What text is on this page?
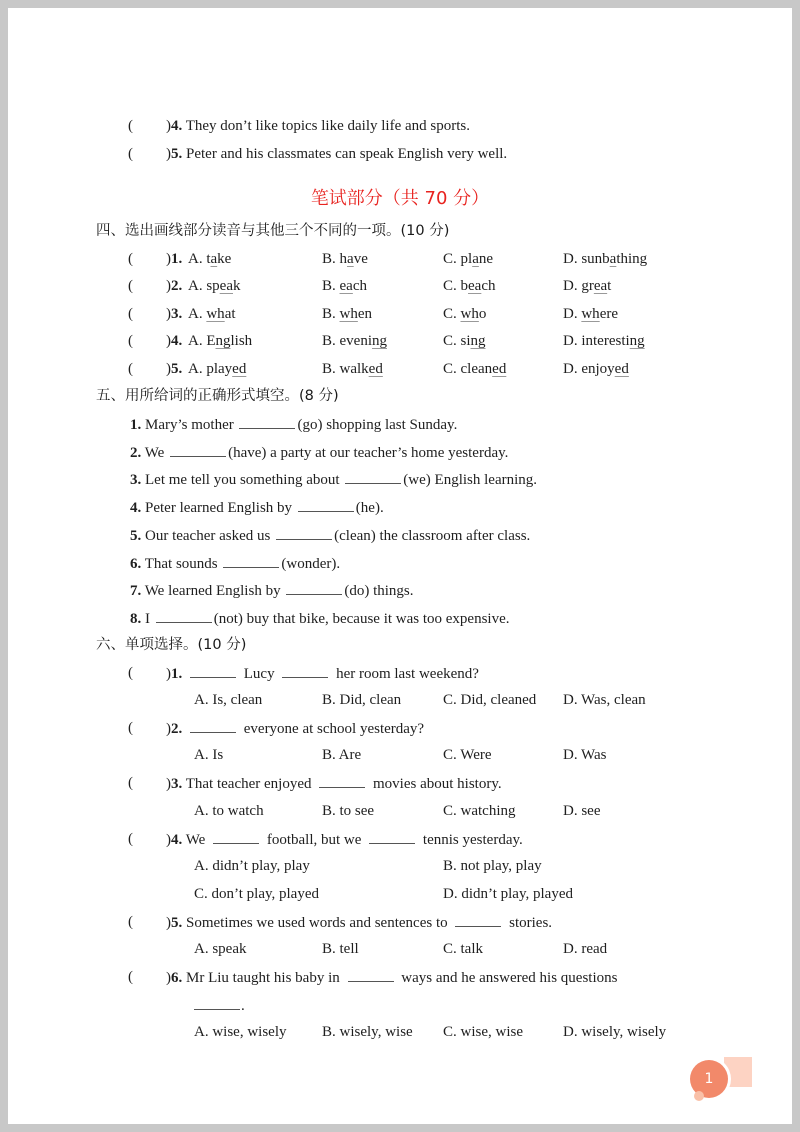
( )4. They don’t like topics like daily life and sports.
( )5. Peter and his classmates can speak English very well.
笔试部分（共 70 分）
四、选出画线部分读音与其他三个不同的一项。(10 分)
( )1. A. take	B. have	C. plane	D. sunbathing
( )2. A. speak	B. each	C. beach	D. great
( )3. A. what	B. when	C. who	D. where
( )4. A. English	B. evening	C. sing	D. interesting
( )5. A. played	B. walked	C. cleaned	D. enjoyed
五、用所给词的正确形式填空。(8 分)
1. Mary’s mother	(go) shopping last Sunday.
2. We	(have) a party at our teacher’s home yesterday.
3. Let me tell you something about	(we) English learning.
4. Peter learned English by	(he).
5. Our teacher asked us	(clean) the classroom after class.
6. That sounds	(wonder).
7. We learned English by	(do) things.
8. I	(not) buy that bike, because it was too expensive.
六、单项选择。(10 分)
( )1.	Lucy	her room last weekend?
A. Is, clean	B. Did, clean	C. Did, cleaned D. Was, clean
( )2.	everyone at school yesterday?
A. Is	B. Are	C. Were	D. Was
( )3. That teacher enjoyed	movies about history.
A. to watch	B. to see	C. watching	D. see
( )4. We	football, but we	tennis yesterday.
A. didn’t play, play	B. not play, play
C. don’t play, played	D. didn’t play, played
( )5. Sometimes we used words and sentences to	stories.
A. speak	B. tell	C. talk	D. read
( )6. Mr Liu taught his baby in	ways and he answered his questions
.
A. wise, wisely B. wisely, wise C. wise, wise	D. wisely, wisely
1
